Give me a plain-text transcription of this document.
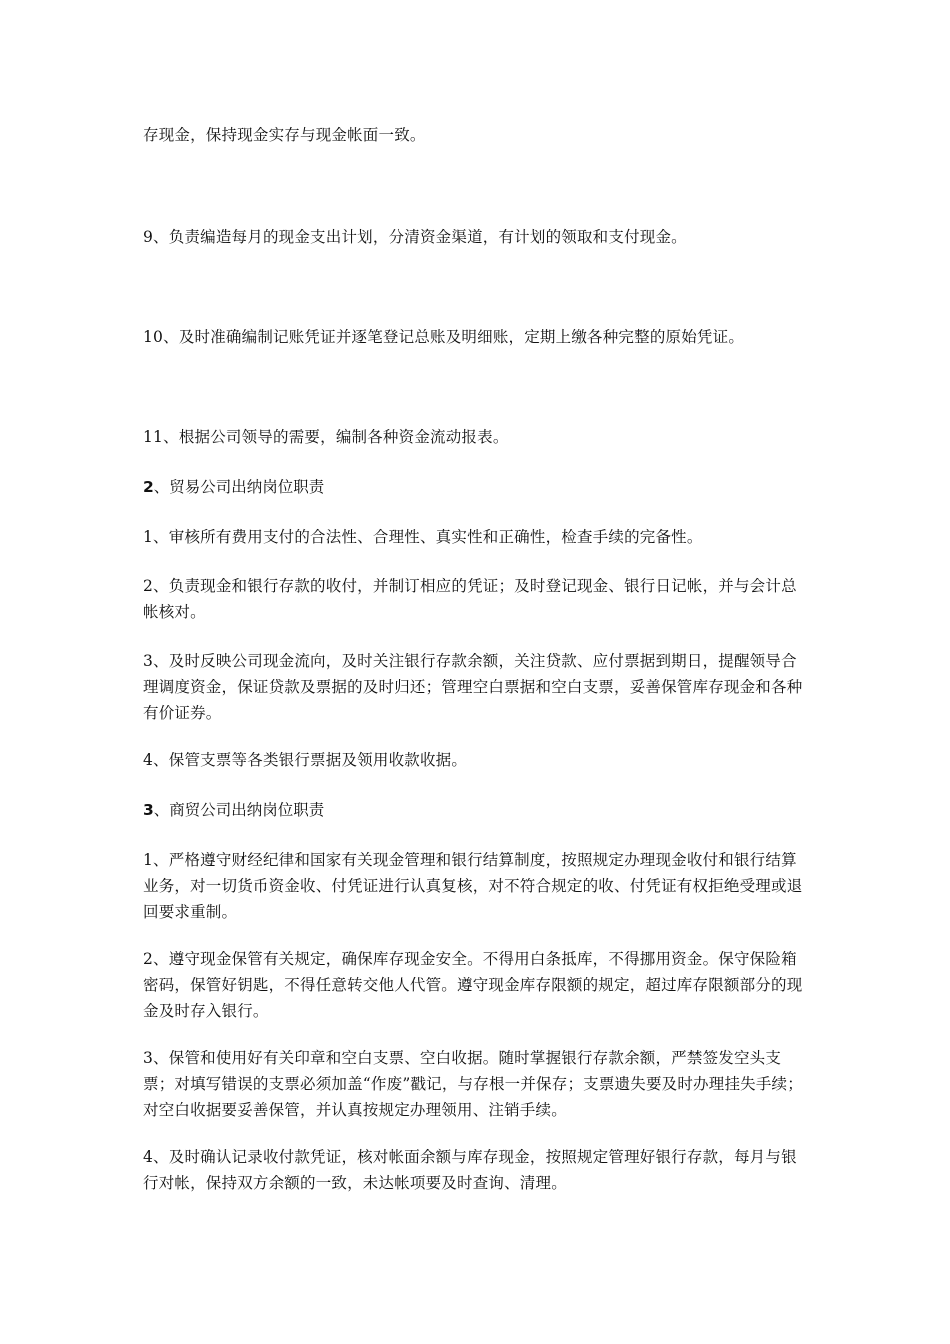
存现金，保持现金实存与现金帐面一致。

9、负责编造每月的现金支出计划，分清资金渠道，有计划的领取和支付现金。

10、及时准确编制记账凭证并逐笔登记总账及明细账，定期上缴各种完整的原始凭证。

11、根据公司领导的需要，编制各种资金流动报表。

2、贸易公司出纳岗位职责

1、审核所有费用支付的合法性、合理性、真实性和正确性，检查手续的完备性。

2、负责现金和银行存款的收付，并制订相应的凭证；及时登记现金、银行日记帐，并与会计总帐核对。

3、及时反映公司现金流向，及时关注银行存款余额，关注贷款、应付票据到期日，提醒领导合理调度资金，保证贷款及票据的及时归还；管理空白票据和空白支票，妥善保管库存现金和各种有价证券。

4、保管支票等各类银行票据及领用收款收据。

3、商贸公司出纳岗位职责

1、严格遵守财经纪律和国家有关现金管理和银行结算制度，按照规定办理现金收付和银行结算业务，对一切货币资金收、付凭证进行认真复核，对不符合规定的收、付凭证有权拒绝受理或退回要求重制。

2、遵守现金保管有关规定，确保库存现金安全。不得用白条抵库，不得挪用资金。保守保险箱密码，保管好钥匙，不得任意转交他人代管。遵守现金库存限额的规定，超过库存限额部分的现金及时存入银行。

3、保管和使用好有关印章和空白支票、空白收据。随时掌握银行存款余额，严禁签发空头支票；对填写错误的支票必须加盖“作废”戳记，与存根一并保存；支票遗失要及时办理挂失手续；对空白收据要妥善保管，并认真按规定办理领用、注销手续。

4、及时确认记录收付款凭证，核对帐面余额与库存现金，按照规定管理好银行存款，每月与银行对帐，保持双方余额的一致，未达帐项要及时查询、清理。
